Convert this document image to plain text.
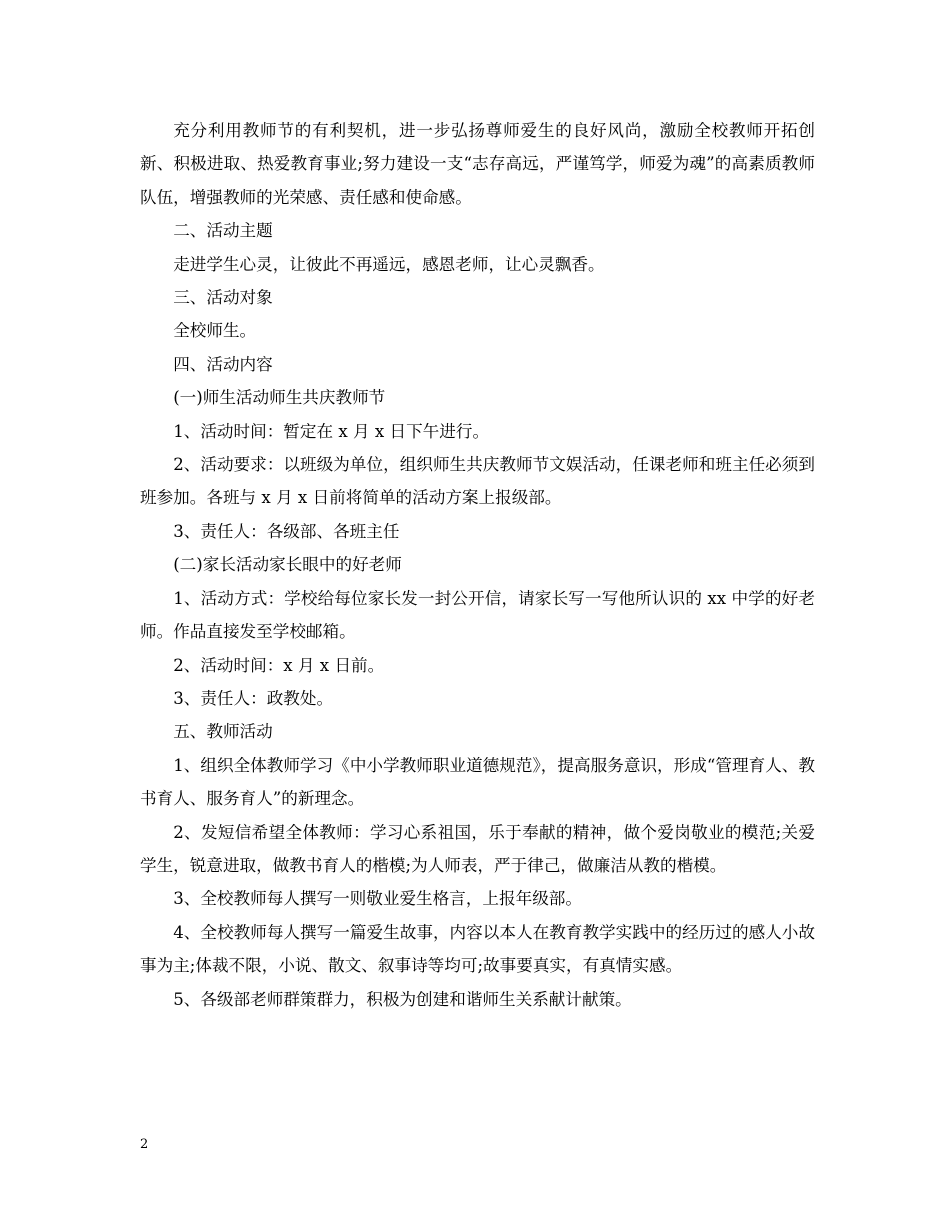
充分利用教师节的有利契机，进一步弘扬尊师爱生的良好风尚，激励全校教师开拓创新、积极进取、热爱教育事业;努力建设一支“志存高远，严谨笃学，师爱为魂”的高素质教师队伍，增强教师的光荣感、责任感和使命感。

二、活动主题

走进学生心灵，让彼此不再遥远，感恩老师，让心灵飘香。

三、活动对象

全校师生。

四、活动内容

(一)师生活动师生共庆教师节

1、活动时间：暂定在 x 月 x 日下午进行。

2、活动要求：以班级为单位，组织师生共庆教师节文娱活动，任课老师和班主任必须到班参加。各班与 x 月 x 日前将简单的活动方案上报级部。

3、责任人：各级部、各班主任

(二)家长活动家长眼中的好老师

1、活动方式：学校给每位家长发一封公开信，请家长写一写他所认识的 xx 中学的好老师。作品直接发至学校邮箱。

2、活动时间：x 月 x 日前。

3、责任人：政教处。

五、教师活动

1、组织全体教师学习《中小学教师职业道德规范》，提高服务意识，形成“管理育人、教书育人、服务育人”的新理念。

2、发短信希望全体教师：学习心系祖国，乐于奉献的精神，做个爱岗敬业的模范;关爱学生，锐意进取，做教书育人的楷模;为人师表，严于律己，做廉洁从教的楷模。

3、全校教师每人撰写一则敬业爱生格言，上报年级部。

4、全校教师每人撰写一篇爱生故事，内容以本人在教育教学实践中的经历过的感人小故事为主;体裁不限，小说、散文、叙事诗等均可;故事要真实，有真情实感。

5、各级部老师群策群力，积极为创建和谐师生关系献计献策。

2
